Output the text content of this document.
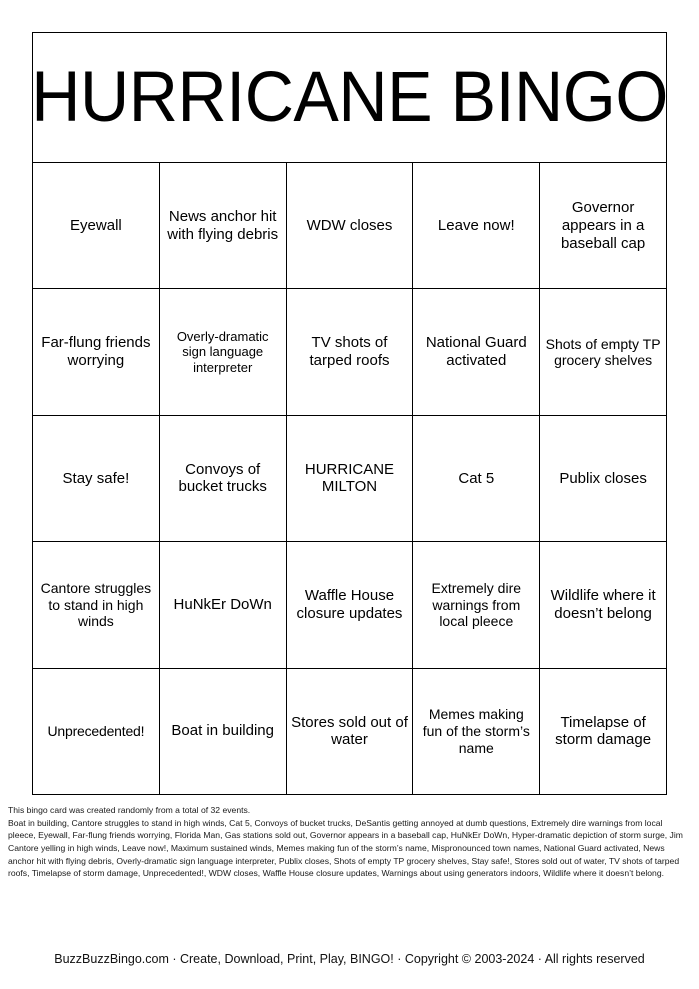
HURRICANE BINGO
Eyewall
News anchor hit with flying debris
WDW closes	Leave now!
Governor appears in a baseball cap
Far-flung friends worrying
Overly-dramatic sign language interpreter
TV shots of tarped roofs
National Guard activated
Shots of empty TP grocery shelves
Stay safe!
Convoys of bucket trucks
HURRICANE MILTON
Cat 5	Publix closes
Cantore struggles to stand in high winds
HuNkEr DoWn
Waffle House closure updates
Extremely dire warnings from local pleece
Wildlife where it doesn’t belong
Unprecedented! Boat in building
Stores sold out of water
Memes making fun of the storm’s name
Timelapse of storm damage

This bingo card was created randomly from a total of 32 events.

Boat in building, Cantore struggles to stand in high winds, Cat 5, Convoys of bucket trucks, DeSantis getting annoyed at dumb questions, Extremely dire warnings from local pleece, Eyewall, Far-flung friends worrying, Florida Man, Gas stations sold out, Governor appears in a baseball cap, HuNkEr DoWn, Hyper-dramatic depiction of storm surge, Jim Cantore yelling in high winds, Leave now!, Maximum sustained winds, Memes making fun of the storm’s name, Mispronounced town names, National Guard activated, News anchor hit with flying debris, Overly-dramatic sign language interpreter, Publix closes, Shots of empty TP grocery shelves, Stay safe!, Stores sold out of water, TV shots of tarped roofs, Timelapse of storm damage, Unprecedented!, WDW closes, Waffle House closure updates, Warnings about using generators indoors, Wildlife where it doesn’t belong.

BuzzBuzzBingo.com · Create, Download, Print, Play, BINGO! · Copyright © 2003-2024 · All rights reserved
